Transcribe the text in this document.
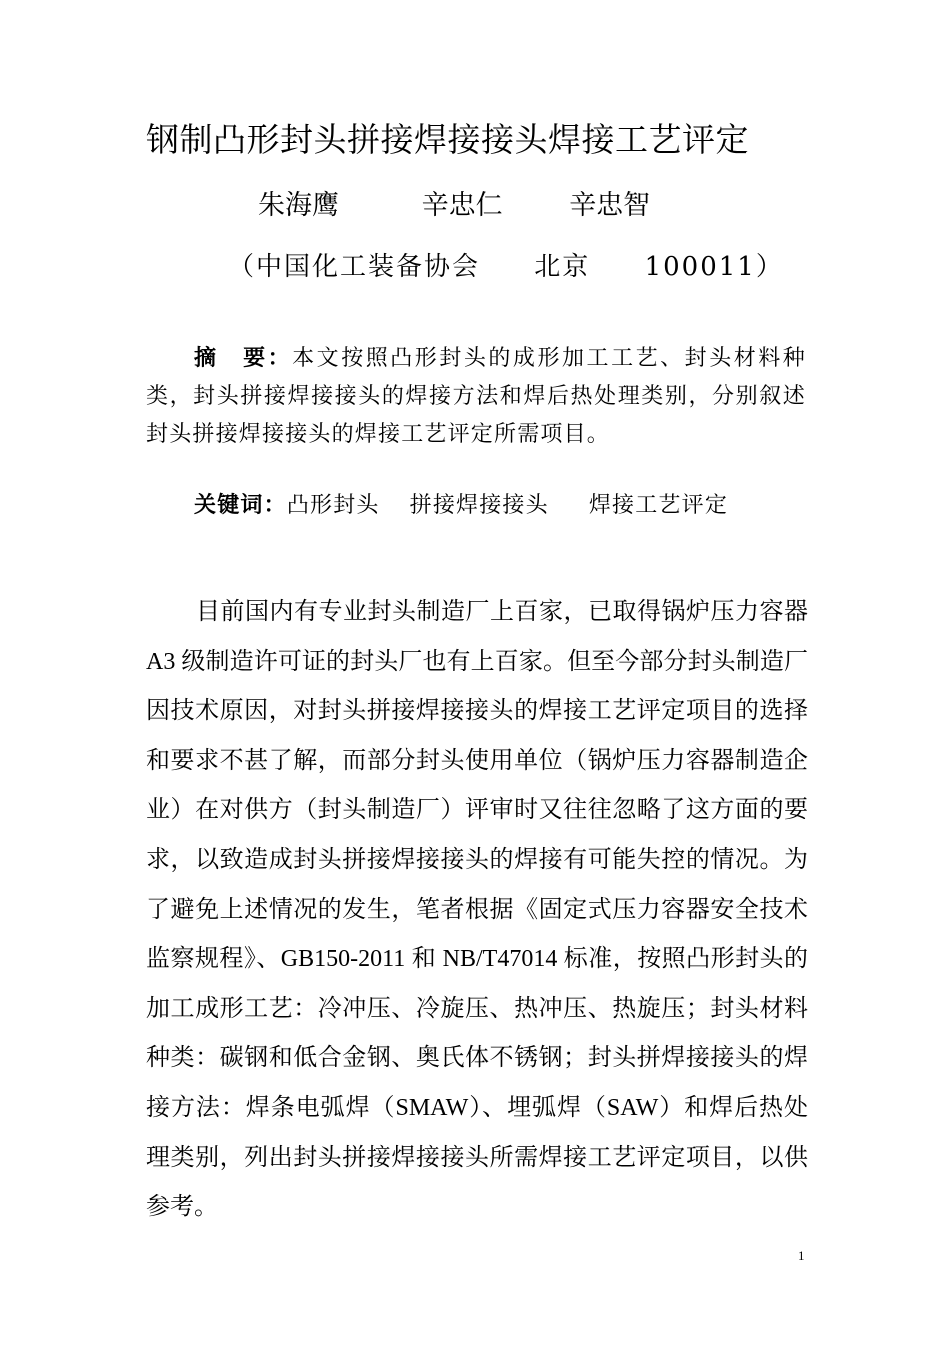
钢制凸形封头拼接焊接接头焊接工艺评定
朱海鹰	辛忠仁 辛忠智
（中国化工装备协会 北京 100011）
摘　要：本文按照凸形封头的成形加工工艺、封头材料种类，封头拼接焊接接头的焊接方法和焊后热处理类别，分别叙述封头拼接焊接接头的焊接工艺评定所需项目。
关键词：凸形封头 拼接焊接接头 焊接工艺评定
目前国内有专业封头制造厂上百家，已取得锅炉压力容器 A3 级制造许可证的封头厂也有上百家。但至今部分封头制造厂因技术原因，对封头拼接焊接接头的焊接工艺评定项目的选择和要求不甚了解，而部分封头使用单位（锅炉压力容器制造企业）在对供方（封头制造厂）评审时又往往忽略了这方面的要求，以致造成封头拼接焊接接头的焊接有可能失控的情况。为了避免上述情况的发生，笔者根据《固定式压力容器安全技术监察规程》、GB150-2011 和 NB/T47014 标准，按照凸形封头的加工成形工艺：冷冲压、冷旋压、热冲压、热旋压；封头材料种类：碳钢和低合金钢、奥氏体不锈钢；封头拼焊接接头的焊接方法：焊条电弧焊（SMAW）、埋弧焊（SAW）和焊后热处理类别，列出封头拼接焊接接头所需焊接工艺评定项目，以供参考。
1
